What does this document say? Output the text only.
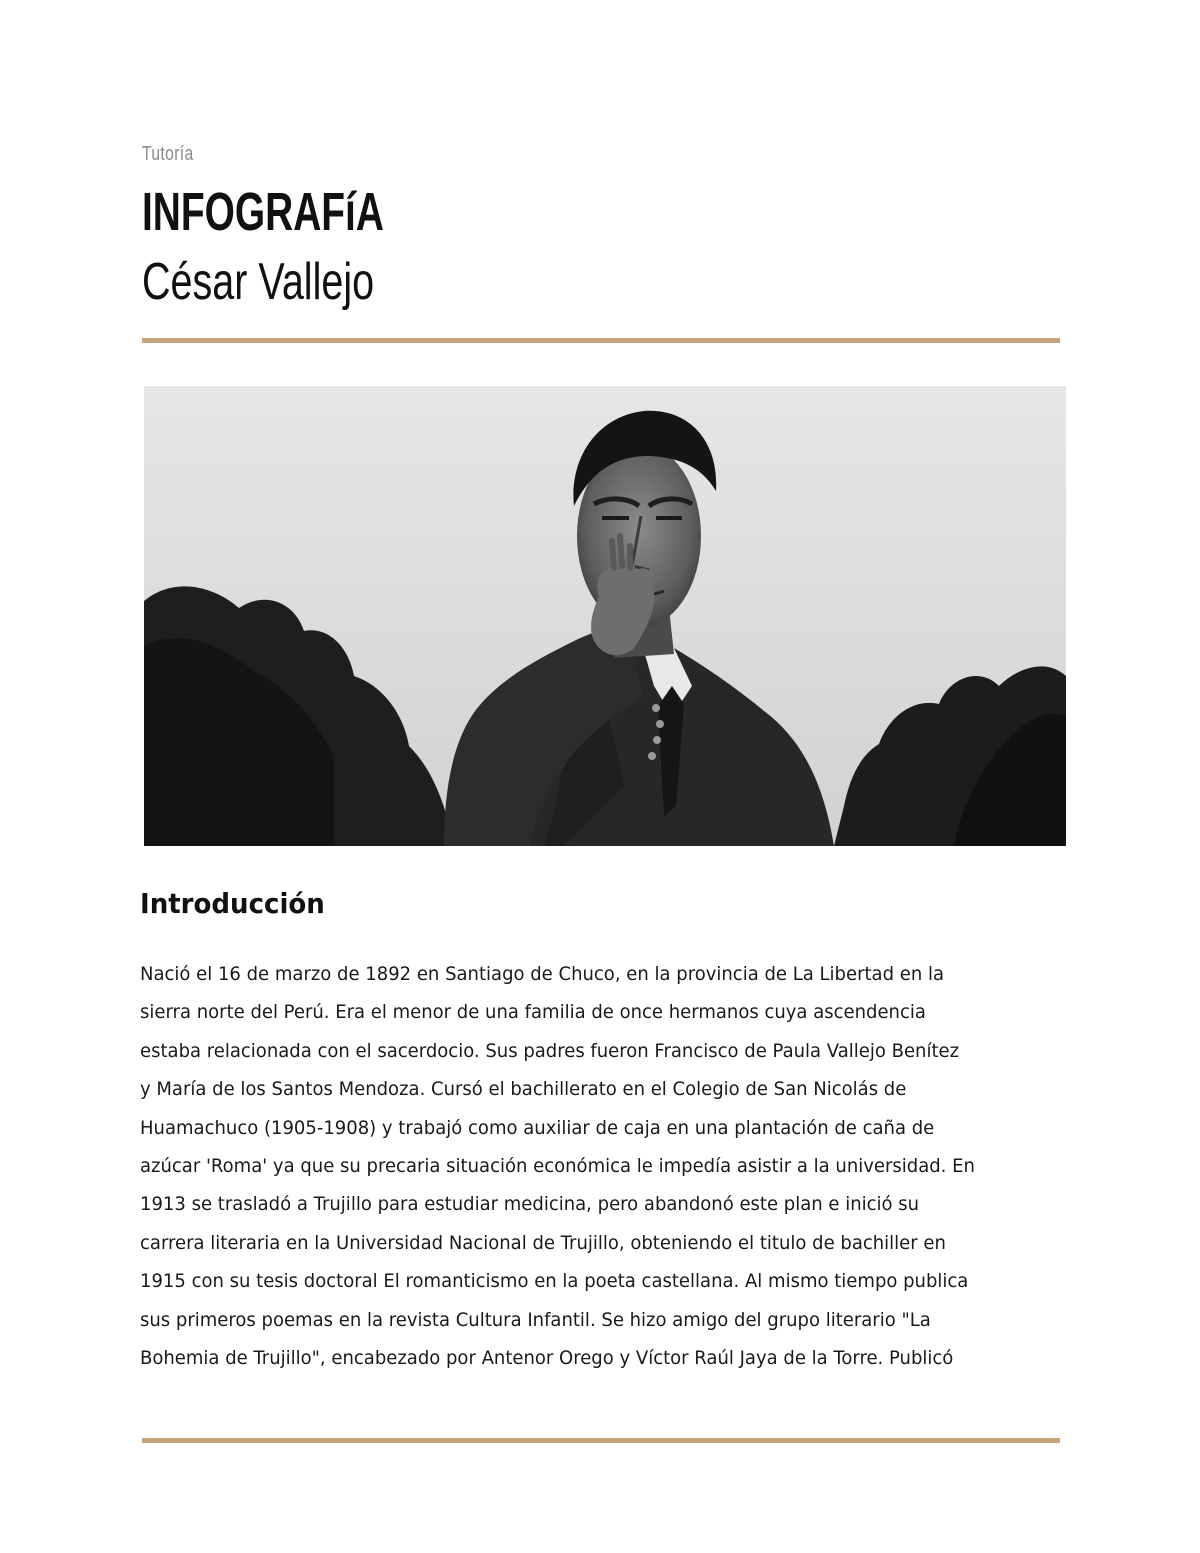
Tutoría
INFOGRAFíA
César Vallejo
Introducción
Nació el 16 de marzo de 1892 en Santiago de Chuco, en la provincia de La Libertad en la
sierra norte del Perú. Era el menor de una familia de once hermanos cuya ascendencia
estaba relacionada con el sacerdocio. Sus padres fueron Francisco de Paula Vallejo Benítez
y María de los Santos Mendoza. Cursó el bachillerato en el Colegio de San Nicolás de
Huamachuco (1905-1908) y trabajó como auxiliar de caja en una plantación de caña de
azúcar 'Roma' ya que su precaria situación económica le impedía asistir a la universidad. En
1913 se trasladó a Trujillo para estudiar medicina, pero abandonó este plan e inició su
carrera literaria en la Universidad Nacional de Trujillo, obteniendo el titulo de bachiller en
1915 con su tesis doctoral El romanticismo en la poeta castellana. Al mismo tiempo publica
sus primeros poemas en la revista Cultura Infantil. Se hizo amigo del grupo literario "La
Bohemia de Trujillo", encabezado por Antenor Orego y Víctor Raúl Jaya de la Torre. Publicó
